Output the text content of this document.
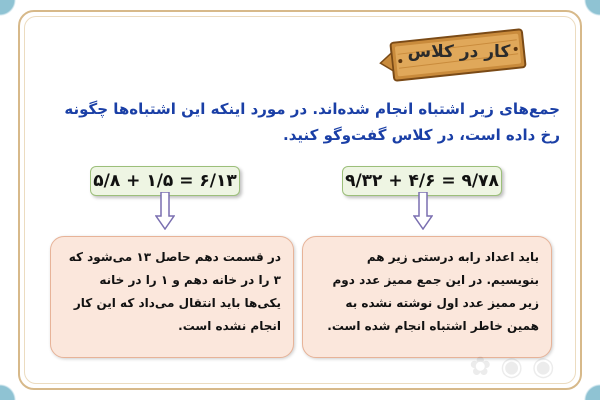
کار در کلاس
جمع‌های زیر اشتباه انجام شده‌اند. در مورد اینکه این اشتباه‌ها چگونه رخ داده است، در کلاس گفت‌وگو کنید.
۵/۸ + ۱/۵ = ۶/۱۳	۹/۳۲ + ۴/۶ = ۹/۷۸
در قسمت دهم حاصل ۱۳ می‌شود که ۳ را در خانه دهم و ۱ را در خانه یکی‌ها باید انتقال می‌داد که این کار انجام نشده است.
باید اعداد رابه درستی زیر هم بنویسیم. در این جمع ممیز عدد دوم زیر ممیز عدد اول نوشته نشده به همین خاطر اشتباه انجام شده است.
✿ ◉ ◉
